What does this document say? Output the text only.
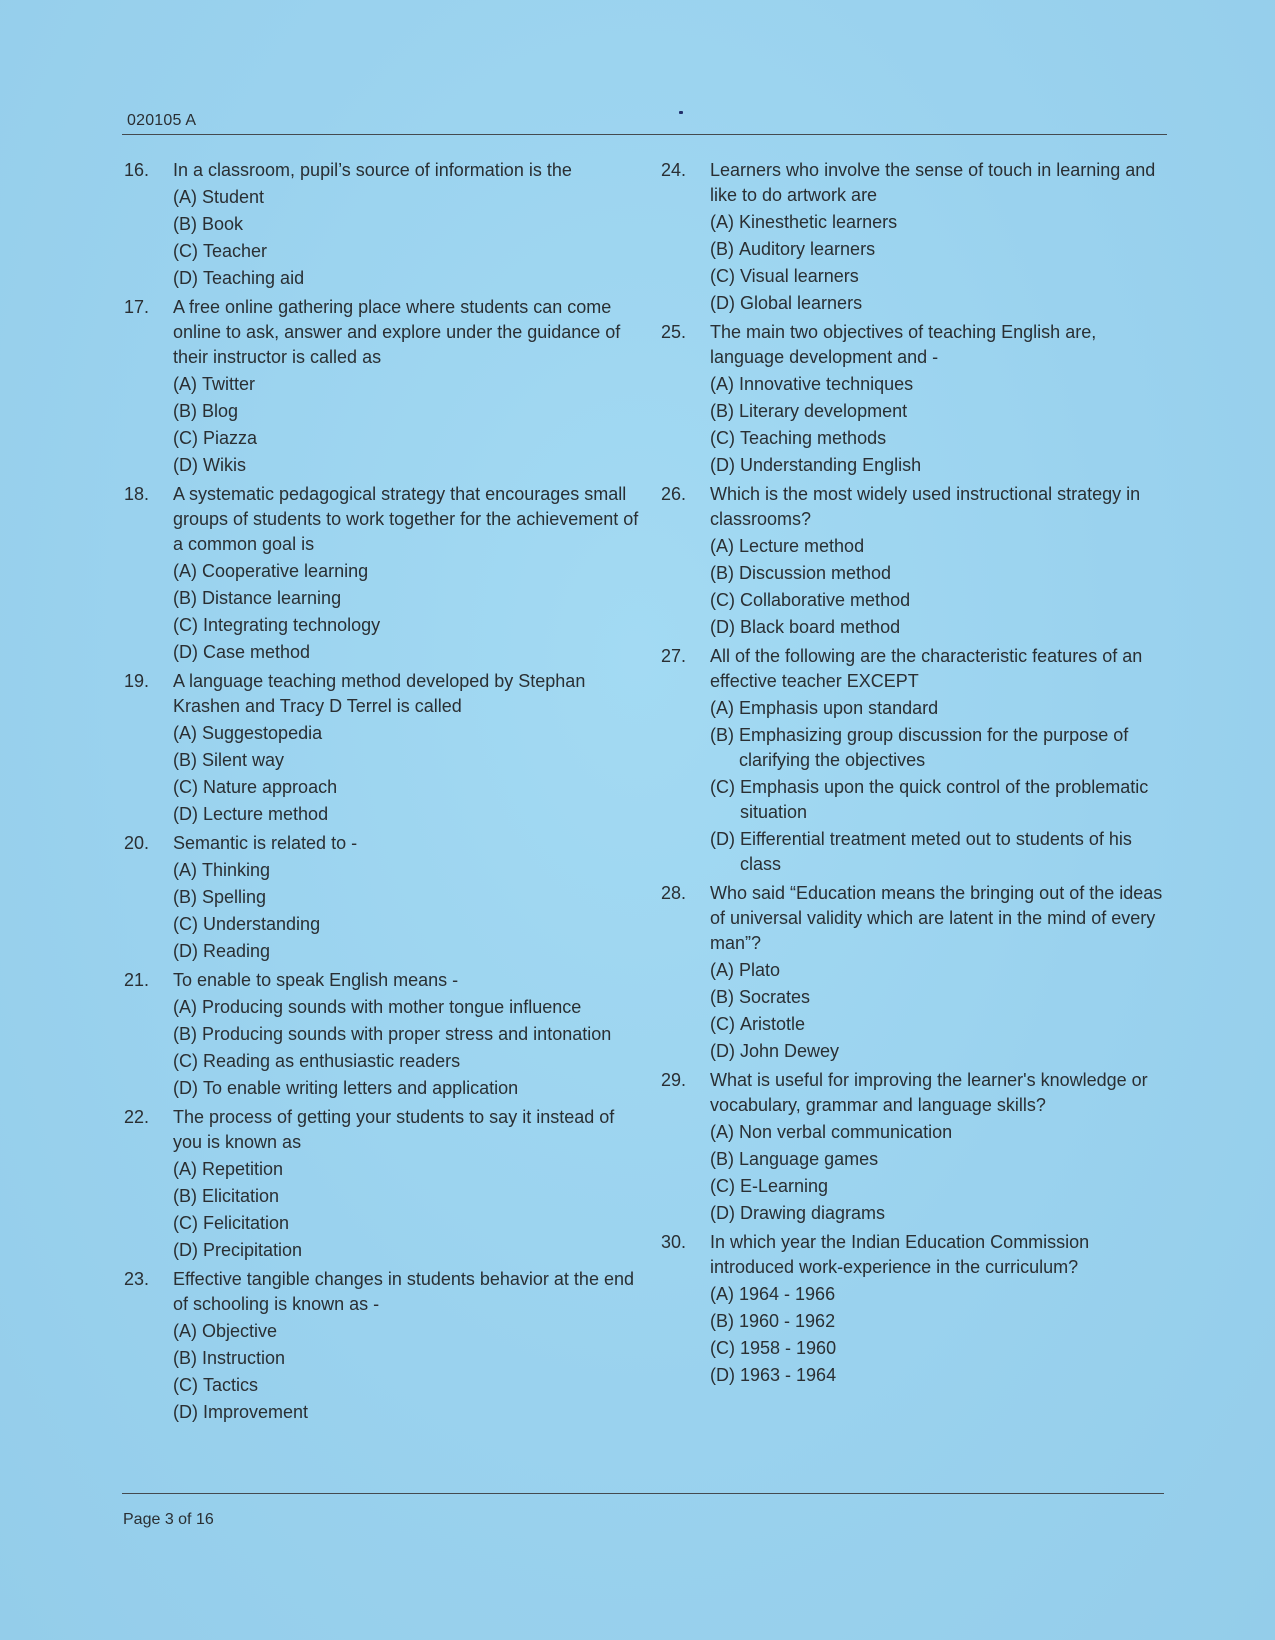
020105 A
16.	In a classroom, pupil’s source of information is the
(A) Student
(B) Book
(C) Teacher
(D) Teaching aid
17.	A free online gathering place where students can come online to ask, answer and explore under the guidance of their instructor is called as
(A) Twitter
(B) Blog
(C) Piazza
(D) Wikis
18.	A systematic pedagogical strategy that encourages small groups of students to work together for the achievement of a common goal is
(A) Cooperative learning
(B) Distance learning
(C) Integrating technology
(D) Case method
19.	A language teaching method developed by Stephan Krashen and Tracy D Terrel is called
(A) Suggestopedia
(B) Silent way
(C) Nature approach
(D) Lecture method
20.	Semantic is related to -
(A) Thinking
(B) Spelling
(C) Understanding
(D) Reading
21.	To enable to speak English means -
(A) Producing sounds with mother tongue influence
(B) Producing sounds with proper stress and intonation
(C) Reading as enthusiastic readers
(D) To enable writing letters and application
22.	The process of getting your students to say it instead of you is known as
(A) Repetition
(B) Elicitation
(C) Felicitation
(D) Precipitation
23.	Effective tangible changes in students behavior at the end of schooling is known as -
(A) Objective
(B) Instruction
(C) Tactics
(D) Improvement
24.	Learners who involve the sense of touch in learning and like to do artwork are
(A) Kinesthetic learners
(B) Auditory learners
(C) Visual learners
(D) Global learners
25.	The main two objectives of teaching English are, language development and -
(A) Innovative techniques
(B) Literary development
(C) Teaching methods
(D) Understanding English
26.	Which is the most widely used instructional strategy in classrooms?
(A) Lecture method
(B) Discussion method
(C) Collaborative method
(D) Black board method
27.	All of the following are the characteristic features of an effective teacher EXCEPT
(A) Emphasis upon standard
(B) Emphasizing group discussion for the purpose of clarifying the objectives
(C) Emphasis upon the quick control of the problematic situation
(D) Eifferential treatment meted out to students of his class
28.	Who said “Education means the bringing out of the ideas of universal validity which are latent in the mind of every man”?
(A) Plato
(B) Socrates
(C) Aristotle
(D) John Dewey
29.	What is useful for improving the learner's knowledge or vocabulary, grammar and language skills?
(A) Non verbal communication
(B) Language games
(C) E-Learning
(D) Drawing diagrams
30.	In which year the Indian Education Commission introduced work-experience in the curriculum?
(A) 1964 - 1966
(B) 1960 - 1962
(C) 1958 - 1960
(D) 1963 - 1964
Page 3 of 16
